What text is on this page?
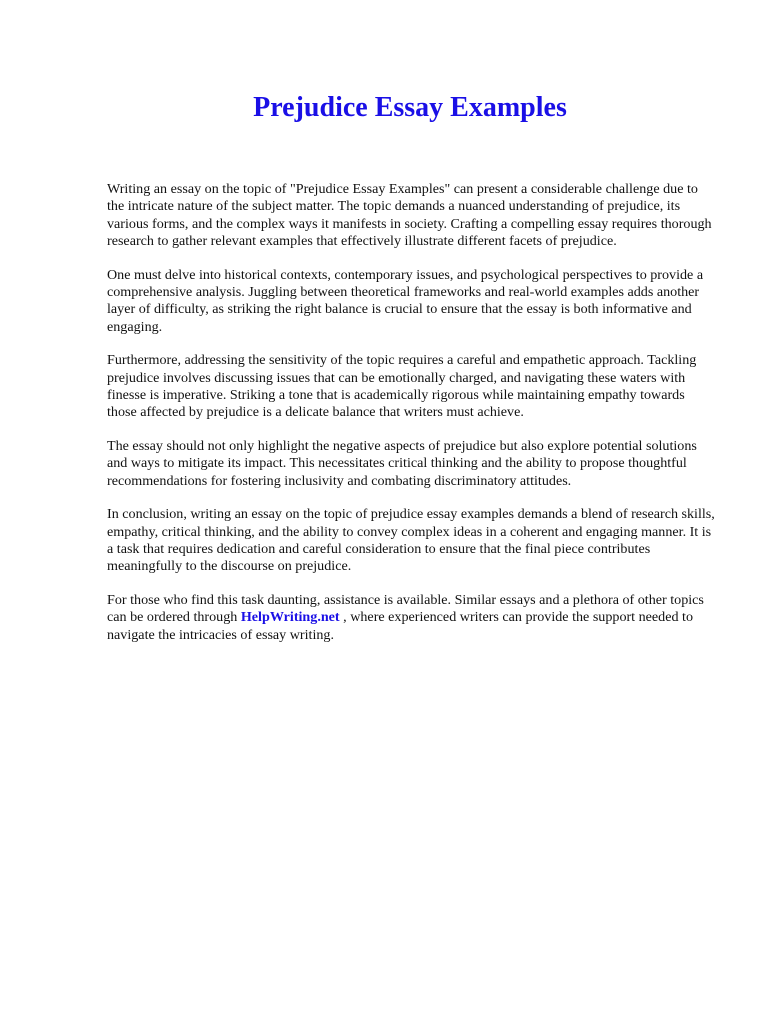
Prejudice Essay Examples

Writing an essay on the topic of "Prejudice Essay Examples" can present a considerable challenge due to the intricate nature of the subject matter. The topic demands a nuanced understanding of prejudice, its various forms, and the complex ways it manifests in society. Crafting a compelling essay requires thorough research to gather relevant examples that effectively illustrate different facets of prejudice.

One must delve into historical contexts, contemporary issues, and psychological perspectives to provide a comprehensive analysis. Juggling between theoretical frameworks and real-world examples adds another layer of difficulty, as striking the right balance is crucial to ensure that the essay is both informative and engaging.

Furthermore, addressing the sensitivity of the topic requires a careful and empathetic approach. Tackling prejudice involves discussing issues that can be emotionally charged, and navigating these waters with finesse is imperative. Striking a tone that is academically rigorous while maintaining empathy towards those affected by prejudice is a delicate balance that writers must achieve.

The essay should not only highlight the negative aspects of prejudice but also explore potential solutions and ways to mitigate its impact. This necessitates critical thinking and the ability to propose thoughtful recommendations for fostering inclusivity and combating discriminatory attitudes.

In conclusion, writing an essay on the topic of prejudice essay examples demands a blend of research skills, empathy, critical thinking, and the ability to convey complex ideas in a coherent and engaging manner. It is a task that requires dedication and careful consideration to ensure that the final piece contributes meaningfully to the discourse on prejudice.

For those who find this task daunting, assistance is available. Similar essays and a plethora of other topics can be ordered through HelpWriting.net , where experienced writers can provide the support needed to navigate the intricacies of essay writing.
